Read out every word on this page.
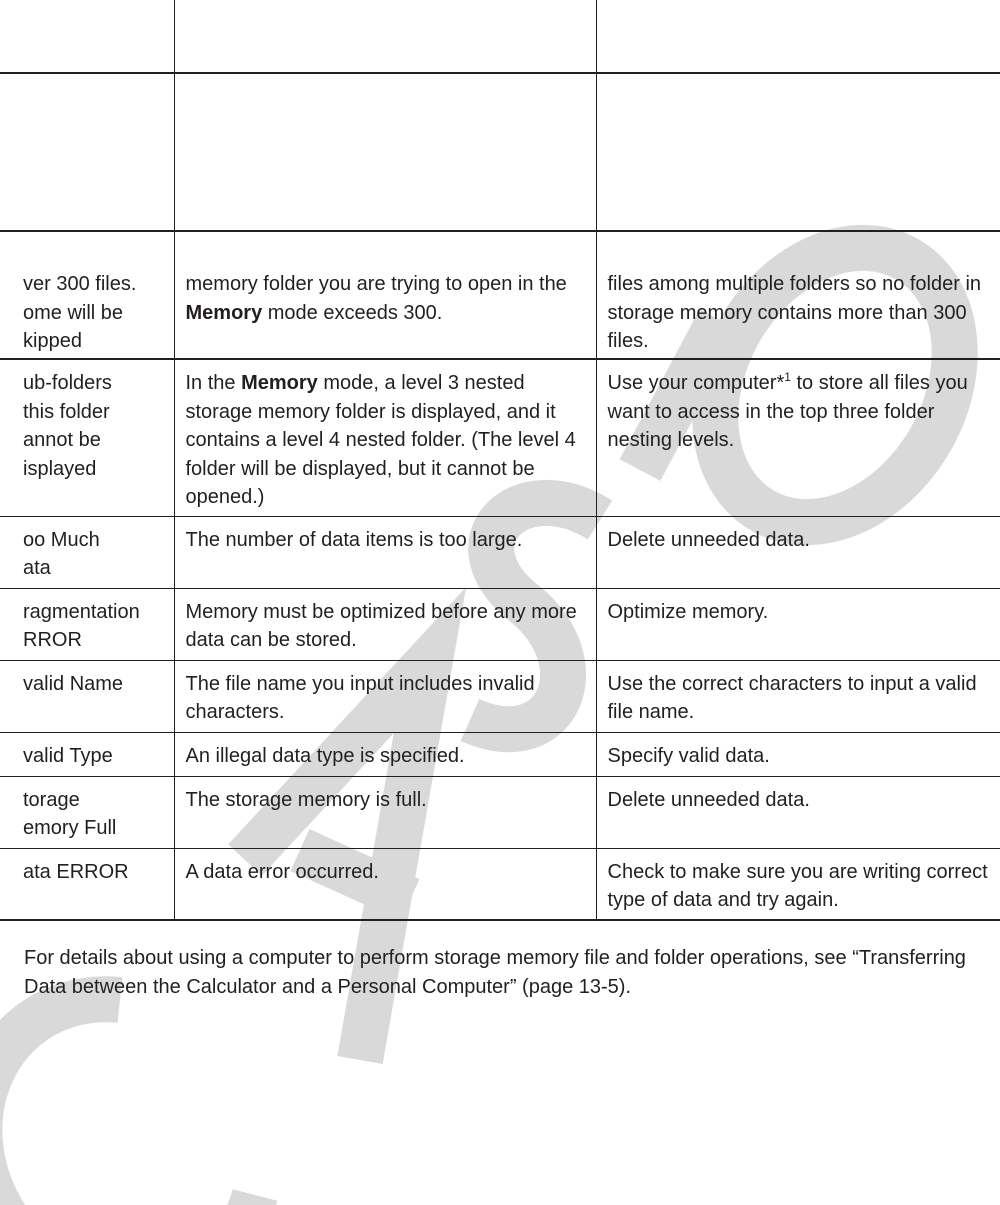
ver 300 files.
ome will be
kipped	memory folder you are trying to open in the Memory mode exceeds 300.	files among multiple folders so no folder in storage memory contains more than 300 files.
ub-folders
this folder
annot be
isplayed	In the Memory mode, a level 3 nested storage memory folder is displayed, and it contains a level 4 nested folder. (The level 4 folder will be displayed, but it cannot be opened.)	Use your computer*$^1$ to store all files you want to access in the top three folder nesting levels.
oo Much
ata	The number of data items is too large.	Delete unneeded data.
ragmentation
RROR	Memory must be optimized before any more data can be stored.	Optimize memory.
valid Name	The file name you input includes invalid characters.	Use the correct characters to input a valid file name.
valid Type	An illegal data type is specified.	Specify valid data.
torage
emory Full	The storage memory is full.	Delete unneeded data.
ata ERROR	A data error occurred.	Check to make sure you are writing correct type of data and try again.

For details about using a computer to perform storage memory file and folder operations, see “Transferring Data between the Calculator and a Personal Computer” (page 13-5).
